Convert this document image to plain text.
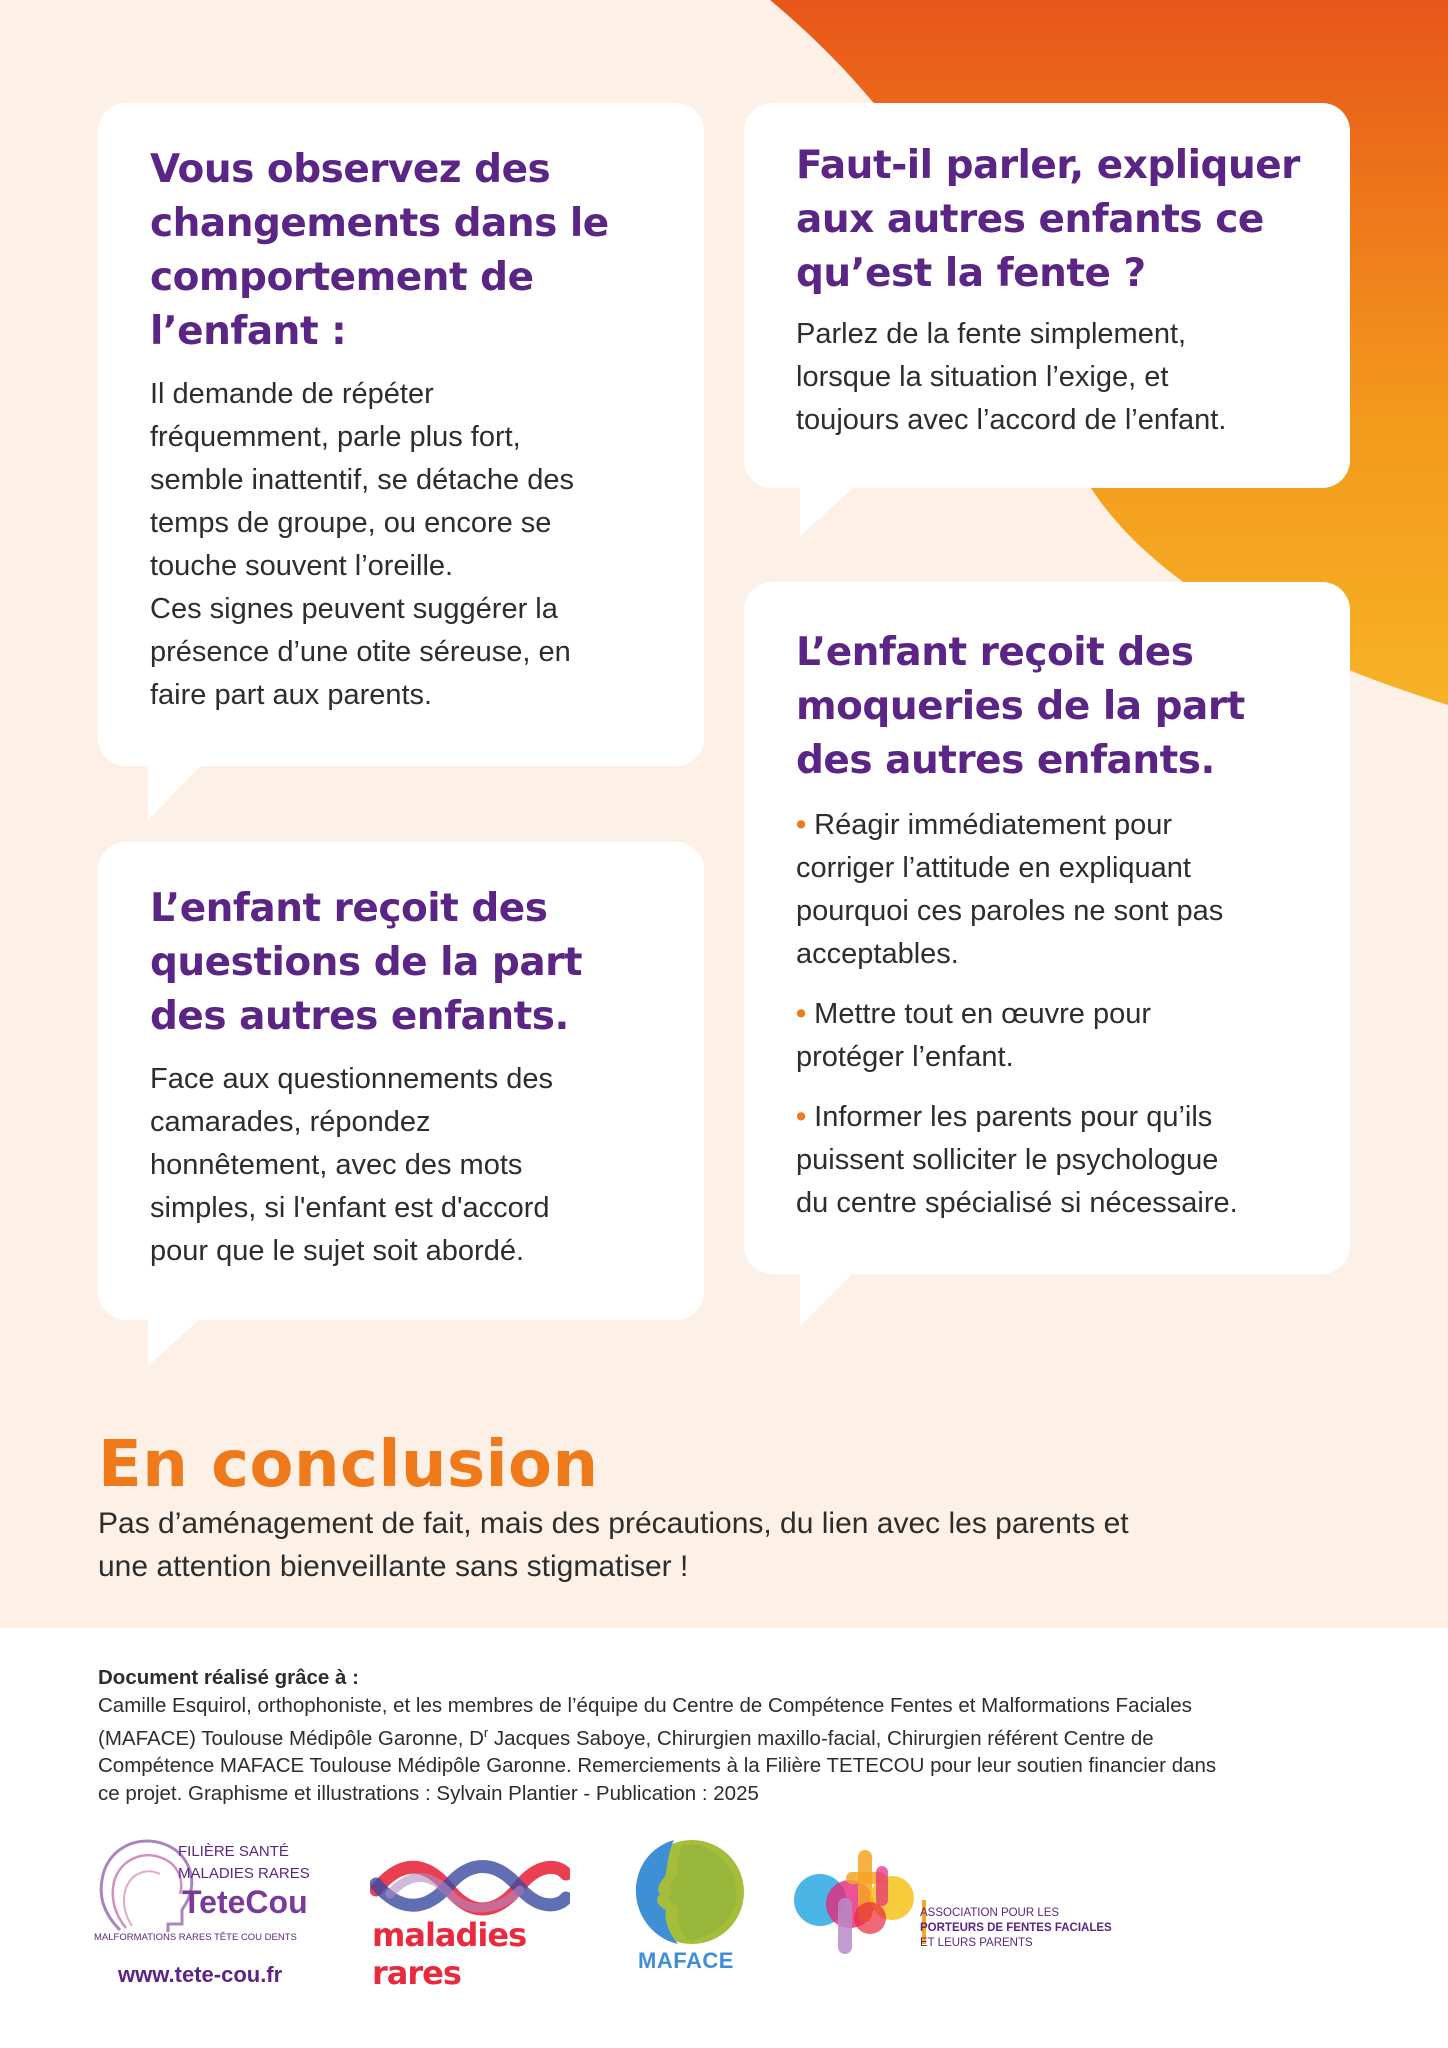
Vous observez des
changements dans le
comportement de
l’enfant :

Il demande de répéter
fréquemment, parle plus fort,
semble inattentif, se détache des
temps de groupe, ou encore se
touche souvent l’oreille.
Ces signes peuvent suggérer la
présence d’une otite séreuse, en
faire part aux parents.

Faut-il parler, expliquer
aux autres enfants ce
qu’est la fente ?

Parlez de la fente simplement,
lorsque la situation l’exige, et
toujours avec l’accord de l’enfant.

L’enfant reçoit des
questions de la part
des autres enfants.

Face aux questionnements des
camarades, répondez
honnêtement, avec des mots
simples, si l'enfant est d'accord
pour que le sujet soit abordé.

L’enfant reçoit des
moqueries de la part
des autres enfants.
• Réagir immédiatement pour
corriger l’attitude en expliquant
pourquoi ces paroles ne sont pas
acceptables.
• Mettre tout en œuvre pour
protéger l’enfant.
• Informer les parents pour qu’ils
puissent solliciter le psychologue
du centre spécialisé si nécessaire.
En conclusion

Pas d’aménagement de fait, mais des précautions, du lien avec les parents et
une attention bienveillante sans stigmatiser !

Document réalisé grâce à :
Camille Esquirol, orthophoniste, et les membres de l’équipe du Centre de Compétence Fentes et Malformations Faciales
(MAFACE) Toulouse Médipôle Garonne, $D^r$ Jacques Saboye, Chirurgien maxillo-facial, Chirurgien référent Centre de
Compétence MAFACE Toulouse Médipôle Garonne. Remerciements à la Filière TETECOU pour leur soutien financier dans
ce projet. Graphisme et illustrations : Sylvain Plantier - Publication : 2025
FILIÈRE SANTÉ
MALADIES RARES
TeteCou
MALFORMATIONS RARES TÊTE COU DENTS
www.tete-cou.fr
maladies rares	MAFACE
ASSOCIATION POUR LES
PORTEURS DE FENTES FACIALES
ET LEURS PARENTS
